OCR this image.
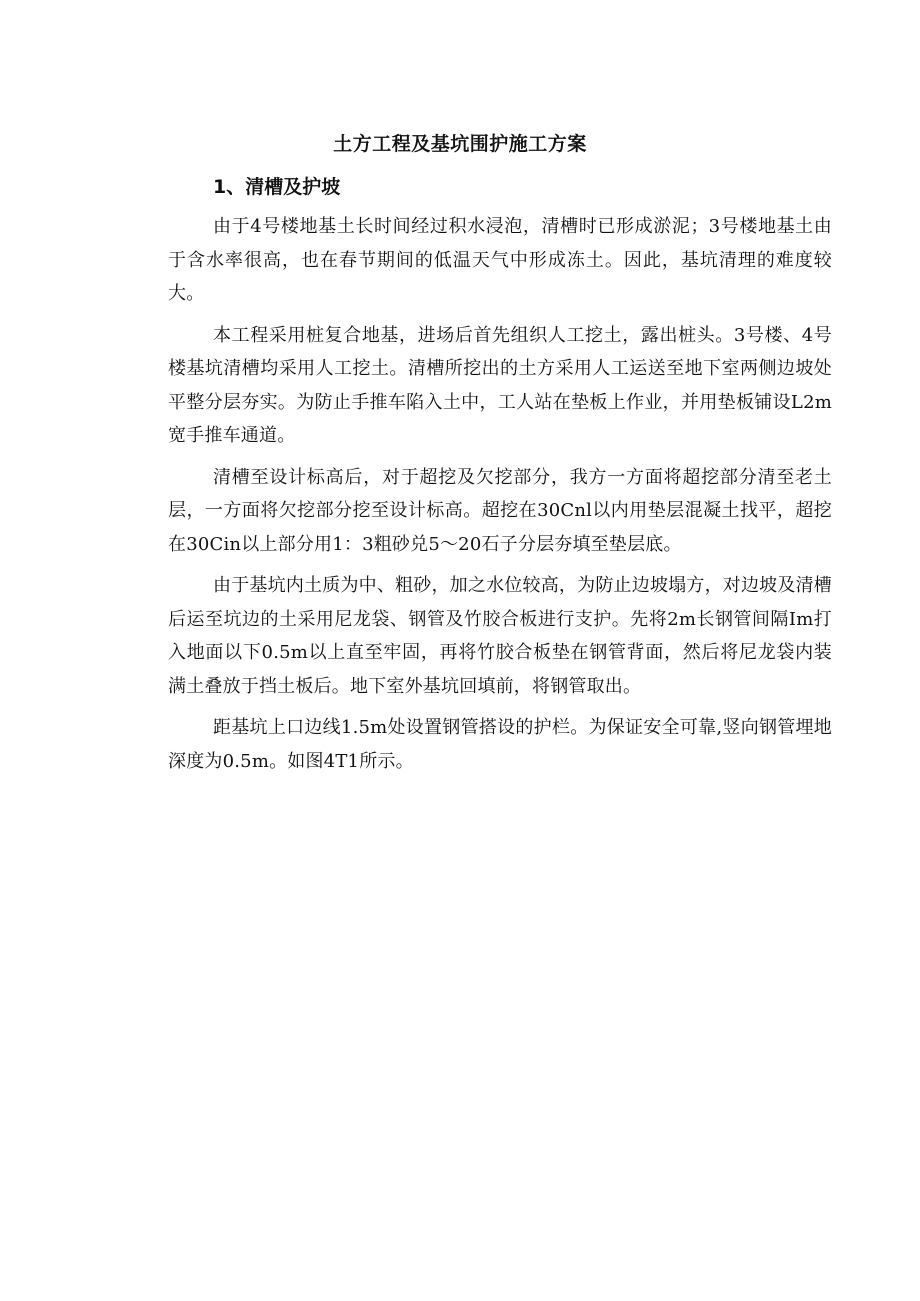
土方工程及基坑围护施工方案
1、清槽及护坡

由于4号楼地基土长时间经过积水浸泡，清槽时已形成淤泥；3号楼地基土由于含水率很高，也在春节期间的低温天气中形成冻土。因此，基坑清理的难度较大。

本工程采用桩复合地基，进场后首先组织人工挖土，露出桩头。3号楼、4号楼基坑清槽均采用人工挖土。清槽所挖出的土方采用人工运送至地下室两侧边坡处平整分层夯实。为防止手推车陷入土中，工人站在垫板上作业，并用垫板铺设L2m宽手推车通道。

清槽至设计标高后，对于超挖及欠挖部分，我方一方面将超挖部分清至老土层，一方面将欠挖部分挖至设计标高。超挖在30Cnl以内用垫层混凝土找平，超挖在30Cin以上部分用1：3粗砂兑5～20石子分层夯填至垫层底。

由于基坑内土质为中、粗砂，加之水位较高，为防止边坡塌方，对边坡及清槽后运至坑边的土采用尼龙袋、钢管及竹胶合板进行支护。先将2m长钢管间隔Im打入地面以下0.5m以上直至牢固，再将竹胶合板垫在钢管背面，然后将尼龙袋内装满土叠放于挡土板后。地下室外基坑回填前，将钢管取出。

距基坑上口边线1.5m处设置钢管搭设的护栏。为保证安全可靠,竖向钢管埋地深度为0.5m。如图4T1所示。
